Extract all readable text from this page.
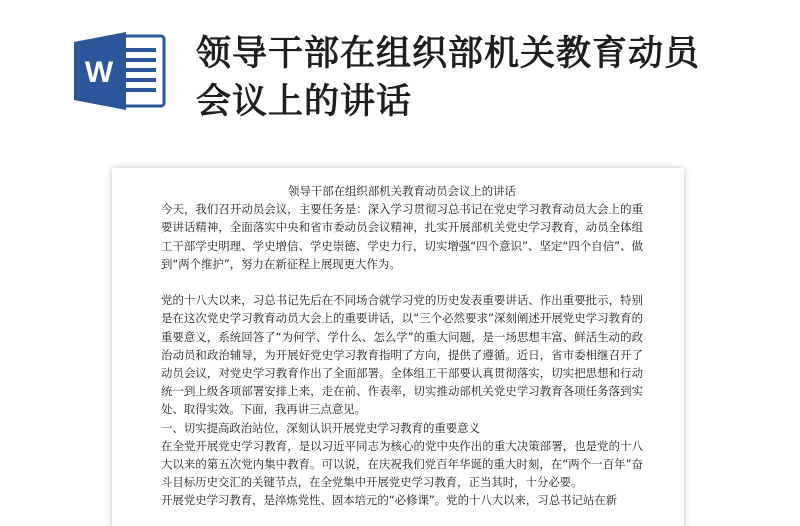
W 领导干部在组织部机关教育动员
会议上的讲话

领导干部在组织部机关教育动员会议上的讲话

今天，我们召开动员会议，主要任务是：深入学习贯彻习总书记在党史学习教育动员大会上的重要讲话精神，全面落实中央和省市委动员会议精神，扎实开展部机关党史学习教育，动员全体组工干部学史明理、学史增信、学史崇德、学史力行，切实增强“四个意识”、坚定“四个自信”、做到“两个维护”，努力在新征程上展现更大作为。

党的十八大以来，习总书记先后在不同场合就学习党的历史发表重要讲话、作出重要批示，特别是在这次党史学习教育动员大会上的重要讲话，以“三个必然要求”深刻阐述开展党史学习教育的重要意义，系统回答了“为何学、学什么、怎么学”的重大问题，是一场思想丰富、鲜活生动的政治动员和政治辅导，为开展好党史学习教育指明了方向，提供了遵循。近日，省市委相继召开了动员会议，对党史学习教育作出了全面部署。全体组工干部要认真贯彻落实，切实把思想和行动统一到上级各项部署安排上来，走在前、作表率，切实推动部机关党史学习教育各项任务落到实处、取得实效。下面，我再讲三点意见。

一、切实提高政治站位，深刻认识开展党史学习教育的重要意义

在全党开展党史学习教育，是以习近平同志为核心的党中央作出的重大决策部署，也是党的十八大以来的第五次党内集中教育。可以说，在庆祝我们党百年华诞的重大时刻，在“两个一百年”奋斗目标历史交汇的关键节点，在全党集中开展党史学习教育，正当其时，十分必要。

开展党史学习教育，是淬炼党性、固本培元的“必修课”。党的十八大以来，习总书记站在新
